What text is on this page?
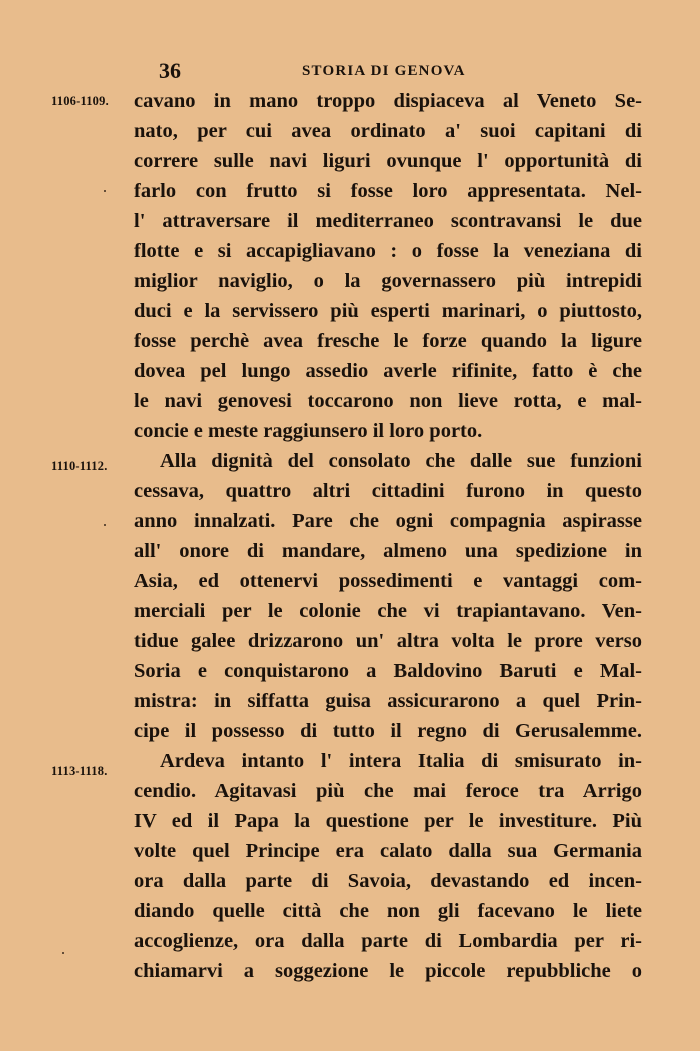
36	STORIA DI GENOVA
1106-1109.
1110-1112.
1113-1118.
cavano in mano troppo dispiaceva al Veneto Se-
nato, per cui avea ordinato a' suoi capitani di
correre sulle navi liguri ovunque l' opportunità di
farlo con frutto si fosse loro appresentata. Nel-
l' attraversare il mediterraneo scontravansi le due
flotte e si accapigliavano : o fosse la veneziana di
miglior naviglio, o la governassero più intrepidi
duci e la servissero più esperti marinari, o piuttosto,
fosse perchè avea fresche le forze quando la ligure
dovea pel lungo assedio averle rifinite, fatto è che
le navi genovesi toccarono non lieve rotta, e mal-
concie e meste raggiunsero il loro porto.
Alla dignità del consolato che dalle sue funzioni
cessava, quattro altri cittadini furono in questo
anno innalzati. Pare che ogni compagnia aspirasse
all' onore di mandare, almeno una spedizione in
Asia, ed ottenervi possedimenti e vantaggi com-
merciali per le colonie che vi trapiantavano. Ven-
tidue galee drizzarono un' altra volta le prore verso
Soria e conquistarono a Baldovino Baruti e Mal-
mistra: in siffatta guisa assicurarono a quel Prin-
cipe il possesso di tutto il regno di Gerusalemme.
Ardeva intanto l' intera Italia di smisurato in-
cendio. Agitavasi più che mai feroce tra Arrigo
IV ed il Papa la questione per le investiture. Più
volte quel Principe era calato dalla sua Germania
ora dalla parte di Savoia, devastando ed incen-
diando quelle città che non gli facevano le liete
accoglienze, ora dalla parte di Lombardia per ri-
chiamarvi a soggezione le piccole repubbliche o
